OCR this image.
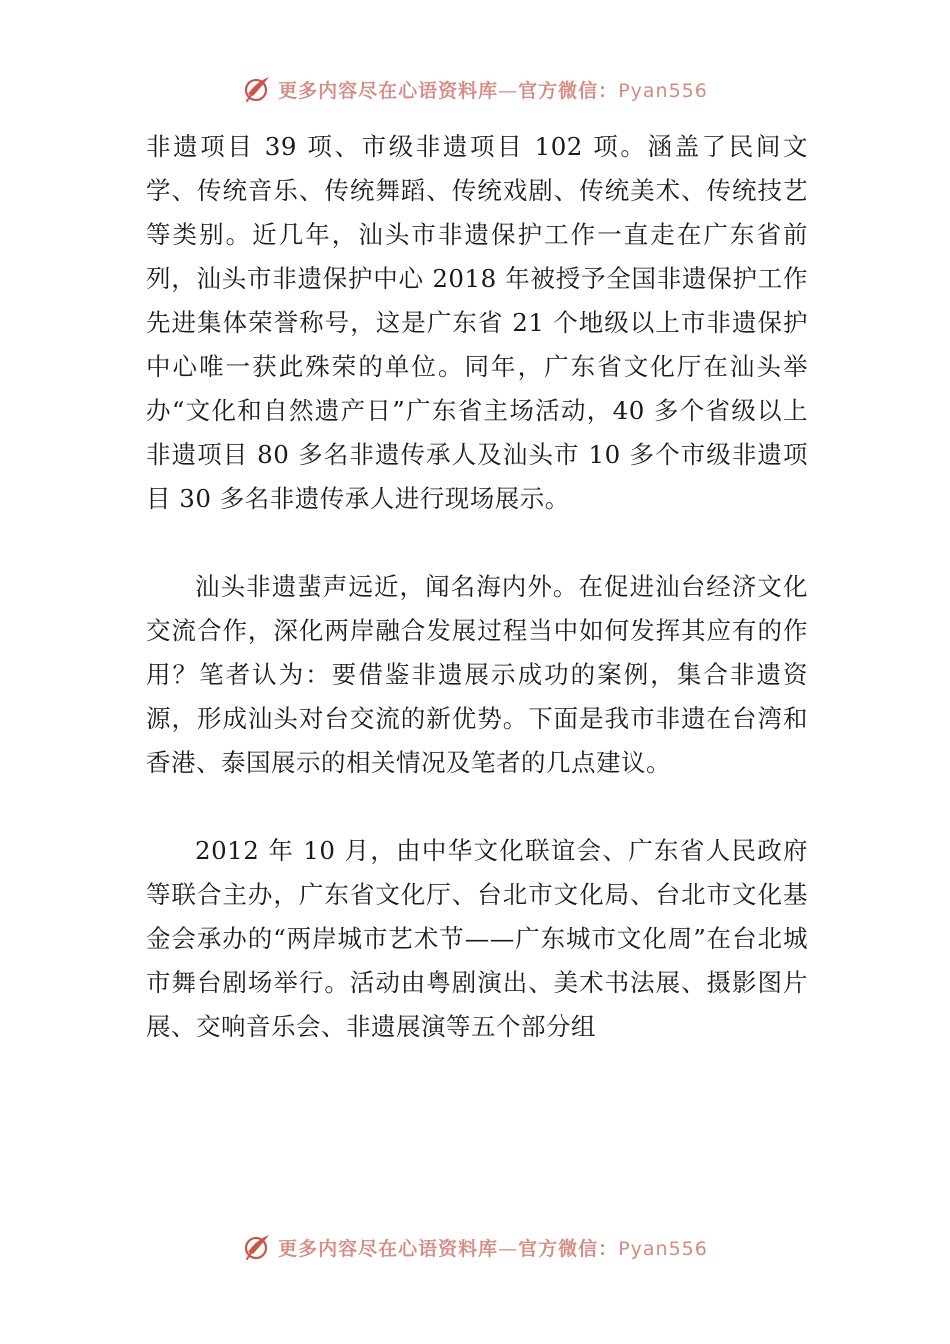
更多内容尽在心语资料库—官方微信：Pyan556

非遗项目 39 项、市级非遗项目 102 项。涵盖了民间文学、传统音乐、传统舞蹈、传统戏剧、传统美术、传统技艺等类别。近几年，汕头市非遗保护工作一直走在广东省前列，汕头市非遗保护中心 2018 年被授予全国非遗保护工作先进集体荣誉称号，这是广东省 21 个地级以上市非遗保护中心唯一获此殊荣的单位。同年，广东省文化厅在汕头举办“文化和自然遗产日”广东省主场活动，40 多个省级以上非遗项目 80 多名非遗传承人及汕头市 10 多个市级非遗项目 30 多名非遗传承人进行现场展示。

汕头非遗蜚声远近，闻名海内外。在促进汕台经济文化交流合作，深化两岸融合发展过程当中如何发挥其应有的作用？笔者认为：要借鉴非遗展示成功的案例，集合非遗资源，形成汕头对台交流的新优势。下面是我市非遗在台湾和香港、泰国展示的相关情况及笔者的几点建议。

2012 年 10 月，由中华文化联谊会、广东省人民政府等联合主办，广东省文化厅、台北市文化局、台北市文化基金会承办的“两岸城市艺术节——广东城市文化周”在台北城市舞台剧场举行。活动由粤剧演出、美术书法展、摄影图片展、交响音乐会、非遗展演等五个部分组

更多内容尽在心语资料库—官方微信：Pyan556
